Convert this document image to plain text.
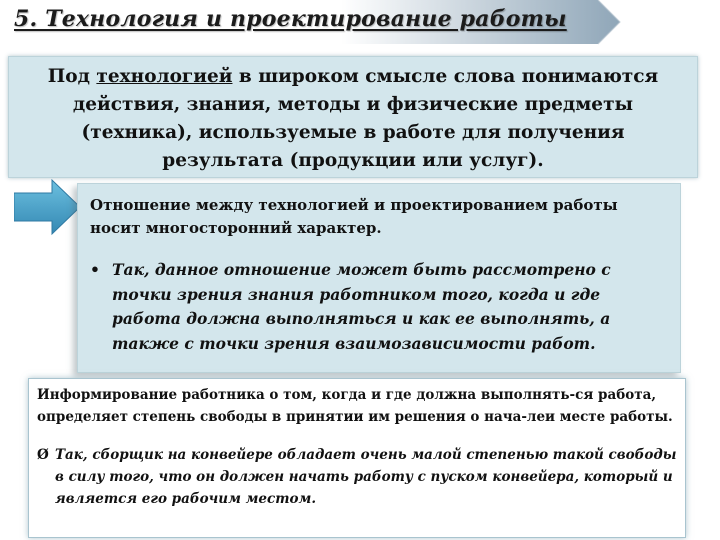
5. Технология и проектирование работы
Под технологией в широком смысле слова понимаются действия, знания, методы и физические предметы (техника), используемые в работе для получения результата (продукции или услуг).
Отношение между технологией и проектированием работы носит многосторонний характер.
• Так, данное отношение может быть рассмотрено с точки зрения знания работником того, когда и где работа должна выполняться и как ее выполнять, а также с точки зрения взаимозависимости работ.
Информирование работника о том, когда и где должна выполнять-ся работа, определяет степень свободы в принятии им решения о нача-леи месте работы.
Ø Так, сборщик на конвейере обладает очень малой степенью такой свободы в силу того, что он должен начать работу с пуском конвейера, который и является его рабочим местом.
